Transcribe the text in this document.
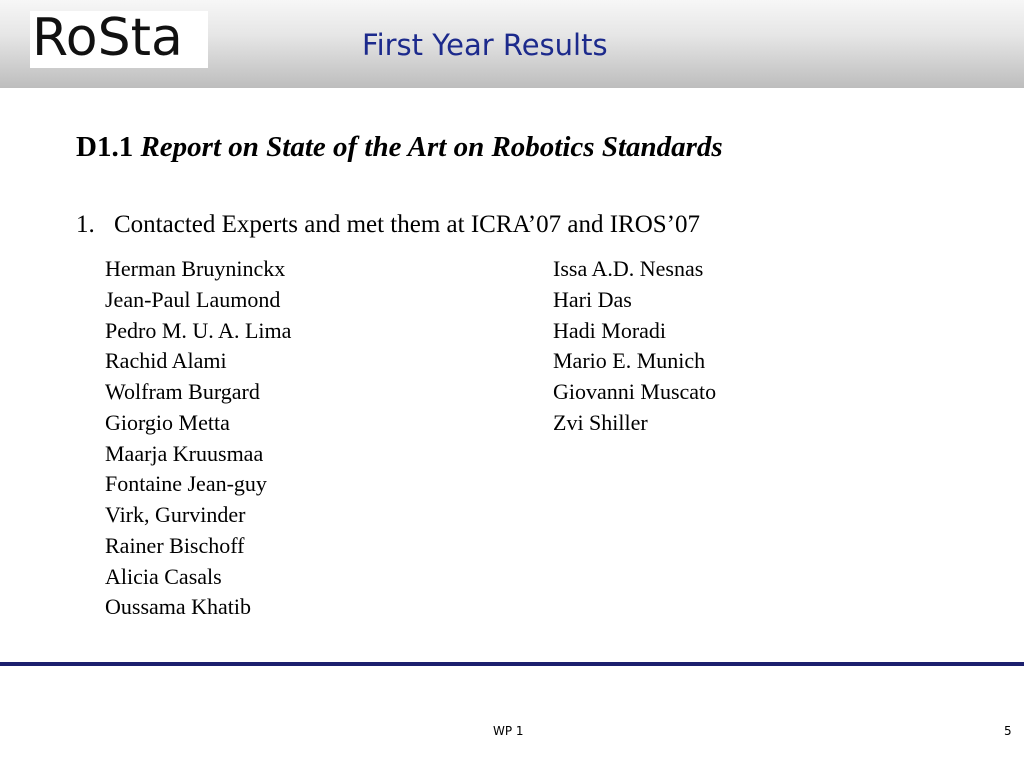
RoSta	First Year Results
D1.1 Report on State of the Art on Robotics Standards
1. Contacted Experts and met them at ICRA’07 and IROS’07
Herman Bruyninckx
Jean-Paul Laumond
Pedro M. U. A. Lima
Rachid Alami
Wolfram Burgard
Giorgio Metta
Maarja Kruusmaa
Fontaine Jean-guy
Virk, Gurvinder
Rainer Bischoff
Alicia Casals
Oussama Khatib
Issa A.D. Nesnas
Hari Das
Hadi Moradi
Mario E. Munich
Giovanni Muscato
Zvi Shiller
WP 1	5
